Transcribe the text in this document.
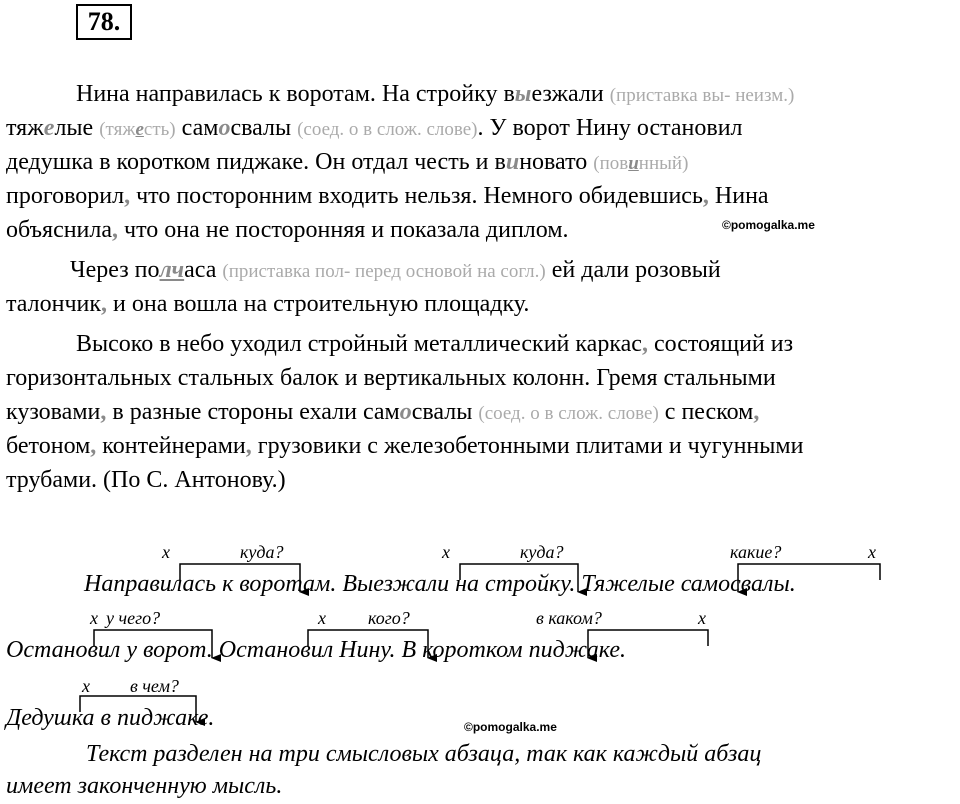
78.
Нина направилась к воротам. На стройку выезжали (приставка вы- неизм.)
тяжелые (тяжесть) самосвалы (соед. о в слож. слове). У ворот Нину остановил
дедушка в коротком пиджаке. Он отдал честь и виновато (повинный)
проговорил, что посторонним входить нельзя. Немного обидевшись, Нина
объяснила, что она не посторонняя и показала диплом.	©pomogalka.me
Через полчаса (приставка пол- перед основой на согл.) ей дали розовый
талончик, и она вошла на строительную площадку.
Высоко в небо уходил стройный металлический каркас, состоящий из
горизонтальных стальных балок и вертикальных колонн. Гремя стальными
кузовами, в разные стороны ехали самосвалы (соед. о в слож. слове) с песком,
бетоном, контейнерами, грузовики с железобетонными плитами и чугунными
трубами. (По С. Антонову.)
х	куда?	х	куда?	какие?	х
Направилась к воротам. Выезжали на стройку. Тяжелые самосвалы.
х у чего?	х кого?	в каком?	х
Остановил у ворот. Остановил Нину. В коротком пиджаке.
х в чем?
Дедушка в пиджаке.	©pomogalka.me
Текст разделен на три смысловых абзаца, так как каждый абзац
имеет законченную мысль.
